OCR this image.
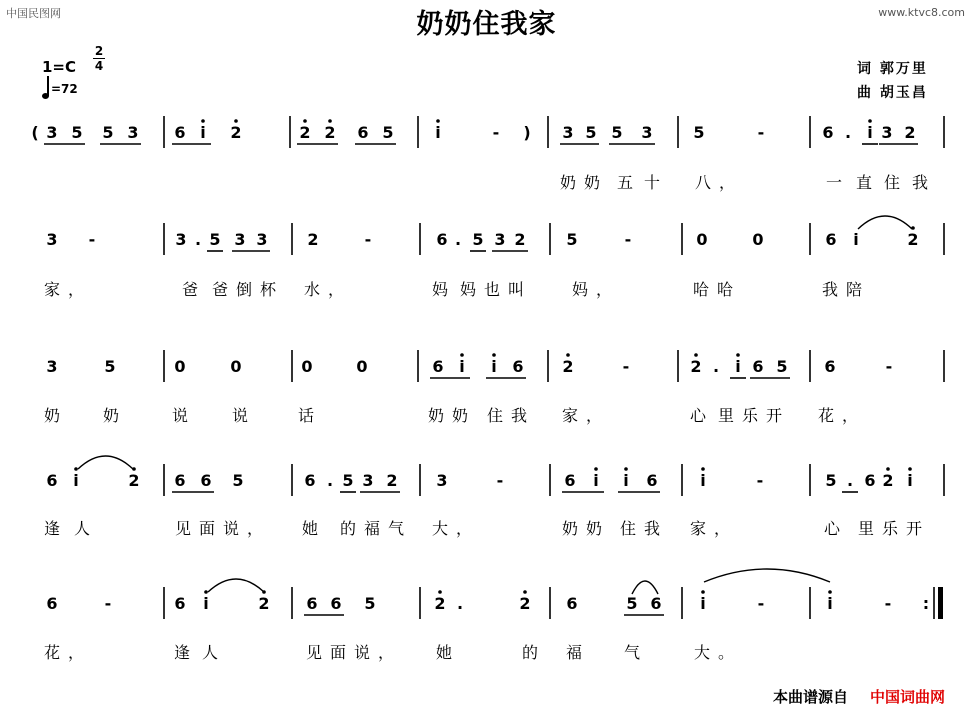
中国民图网	www.ktvc8.com
奶奶住我家
1=C
2
4
=72
词 郭万里
曲 胡玉昌
( 3 5 5 3 6 i 2	2 2 6 5	i	- ) 3 5 5 3	5	-	6 . i 3 2
奶奶 五 十 八，	一 直 住 我
3 -	3 . 5 3 3 2	-	6 . 5 3 2	5	-	0	0	6 i	2
家，	爸 爸倒杯 水，	妈 妈也叫 妈，	哈哈	我陪
3	5	0	0	0	0	6 i i 6 2	-	2 . i 6 5 6	-
奶 奶	说 说	话	奶奶 住我 家，	心 里乐开 花，
6 i	2 6 6 5	6 . 5 3 2 3	-	6 i i 6	i	-	5 . 6 2 i
逢 人	见面说， 她 的福气 大，	奶奶 住我 家，	心 里乐开
6	-	6 i	2 6 6 5	2 .	2 6	5 6 i	-	i	- :
花，	逢 人	见面说， 她	的 福 气	大。
本曲谱源自 中国词曲网
